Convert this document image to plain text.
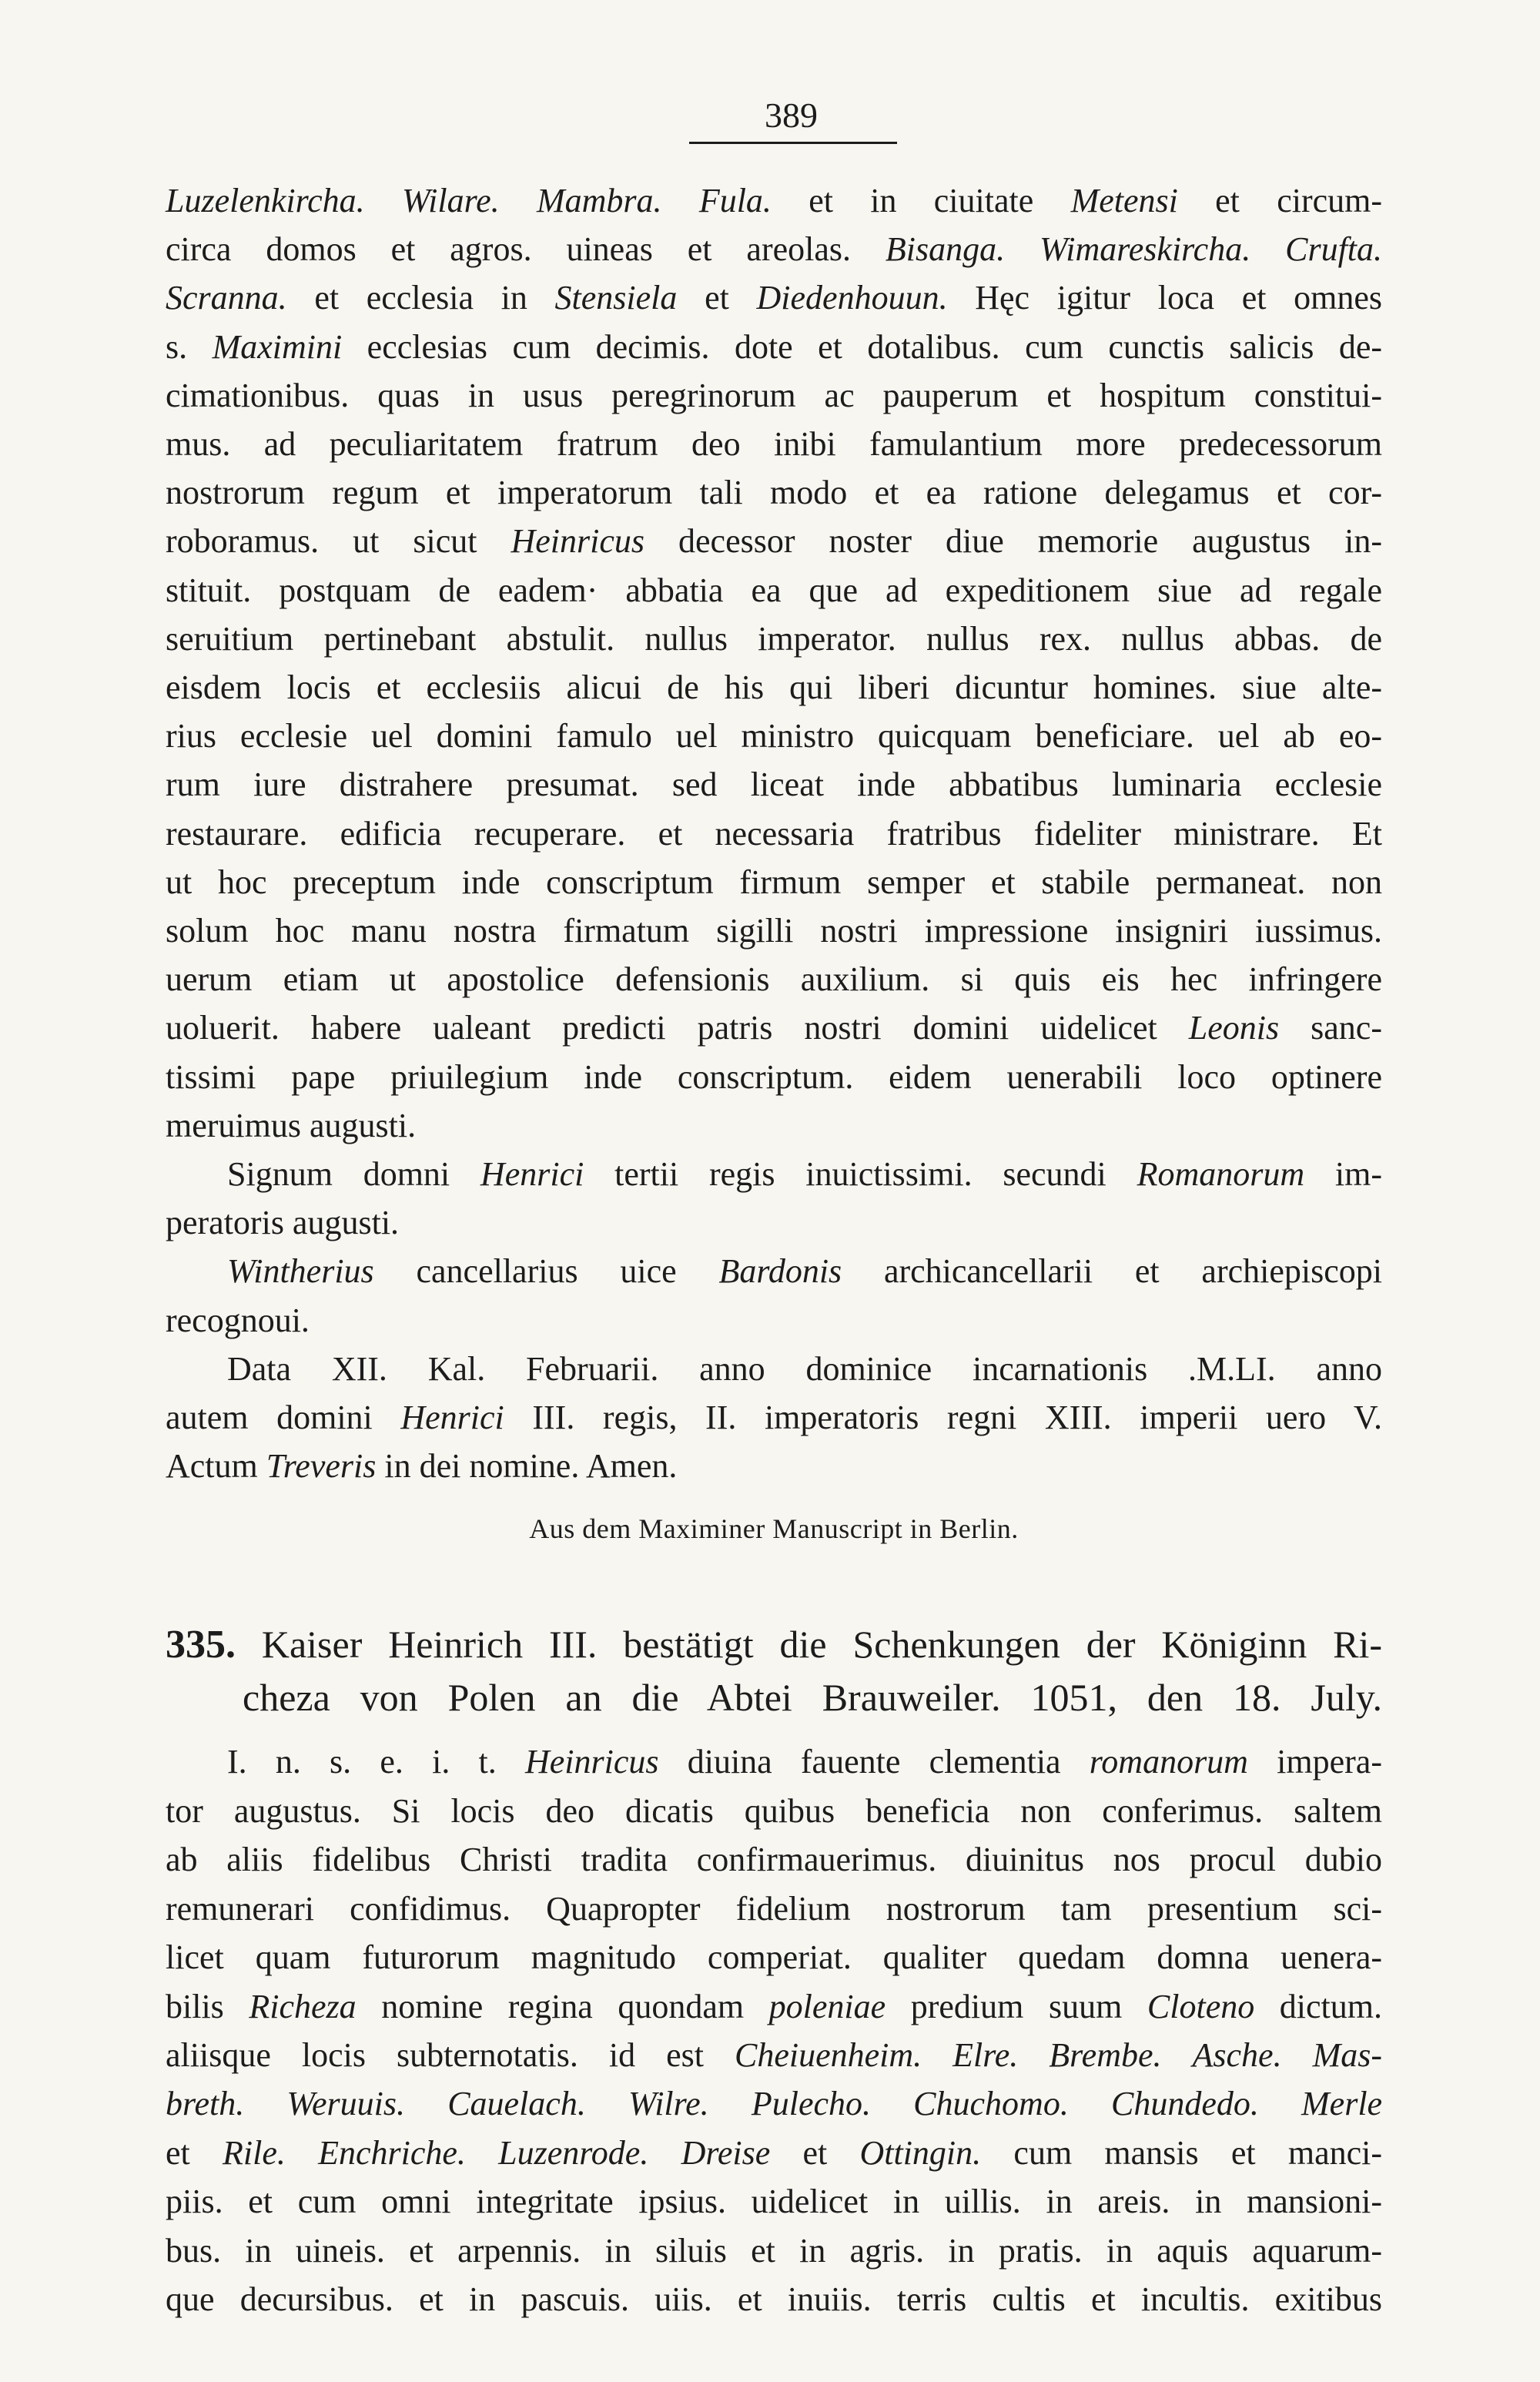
389
Luzelenkircha. Wilare. Mambra. Fula. et in ciuitate Metensi et circum-
circa domos et agros. uineas et areolas. Bisanga. Wimareskircha. Crufta.
Scranna. et ecclesia in Stensiela et Diedenhouun. Hęc igitur loca et omnes
s. Maximini ecclesias cum decimis. dote et dotalibus. cum cunctis salicis de-
cimationibus. quas in usus peregrinorum ac pauperum et hospitum constitui-
mus. ad peculiaritatem fratrum deo inibi famulantium more predecessorum
nostrorum regum et imperatorum tali modo et ea ratione delegamus et cor-
roboramus. ut sicut Heinricus decessor noster diue memorie augustus in-
stituit. postquam de eadem· abbatia ea que ad expeditionem siue ad regale
seruitium pertinebant abstulit. nullus imperator. nullus rex. nullus abbas. de
eisdem locis et ecclesiis alicui de his qui liberi dicuntur homines. siue alte-
rius ecclesie uel domini famulo uel ministro quicquam beneficiare. uel ab eo-
rum iure distrahere presumat. sed liceat inde abbatibus luminaria ecclesie
restaurare. edificia recuperare. et necessaria fratribus fideliter ministrare. Et
ut hoc preceptum inde conscriptum firmum semper et stabile permaneat. non
solum hoc manu nostra firmatum sigilli nostri impressione insigniri iussimus.
uerum etiam ut apostolice defensionis auxilium. si quis eis hec infringere
uoluerit. habere ualeant predicti patris nostri domini uidelicet Leonis sanc-
tissimi pape priuilegium inde conscriptum. eidem uenerabili loco optinere
meruimus augusti.
Signum domni Henrici tertii regis inuictissimi. secundi Romanorum im-
peratoris augusti.
Wintherius cancellarius uice Bardonis archicancellarii et archiepiscopi
recognoui.
Data XII. Kal. Februarii. anno dominice incarnationis .M.LI. anno
autem domini Henrici III. regis, II. imperatoris regni XIII. imperii uero V.
Actum Treveris in dei nomine. Amen.
Aus dem Maximiner Manuscript in Berlin.
335. Kaiser Heinrich III. bestätigt die Schenkungen der Königinn Ri-
cheza von Polen an die Abtei Brauweiler. 1051, den 18. July.
I. n. s. e. i. t. Heinricus diuina fauente clementia romanorum impera-
tor augustus. Si locis deo dicatis quibus beneficia non conferimus. saltem
ab aliis fidelibus Christi tradita confirmauerimus. diuinitus nos procul dubio
remunerari confidimus. Quapropter fidelium nostrorum tam presentium sci-
licet quam futurorum magnitudo comperiat. qualiter quedam domna uenera-
bilis Richeza nomine regina quondam poleniae predium suum Cloteno dictum.
aliisque locis subternotatis. id est Cheiuenheim. Elre. Brembe. Asche. Mas-
breth. Weruuis. Cauelach. Wilre. Pulecho. Chuchomo. Chundedo. Merle
et Rile. Enchriche. Luzenrode. Dreise et Ottingin. cum mansis et manci-
piis. et cum omni integritate ipsius. uidelicet in uillis. in areis. in mansioni-
bus. in uineis. et arpennis. in siluis et in agris. in pratis. in aquis aquarum-
que decursibus. et in pascuis. uiis. et inuiis. terris cultis et incultis. exitibus
